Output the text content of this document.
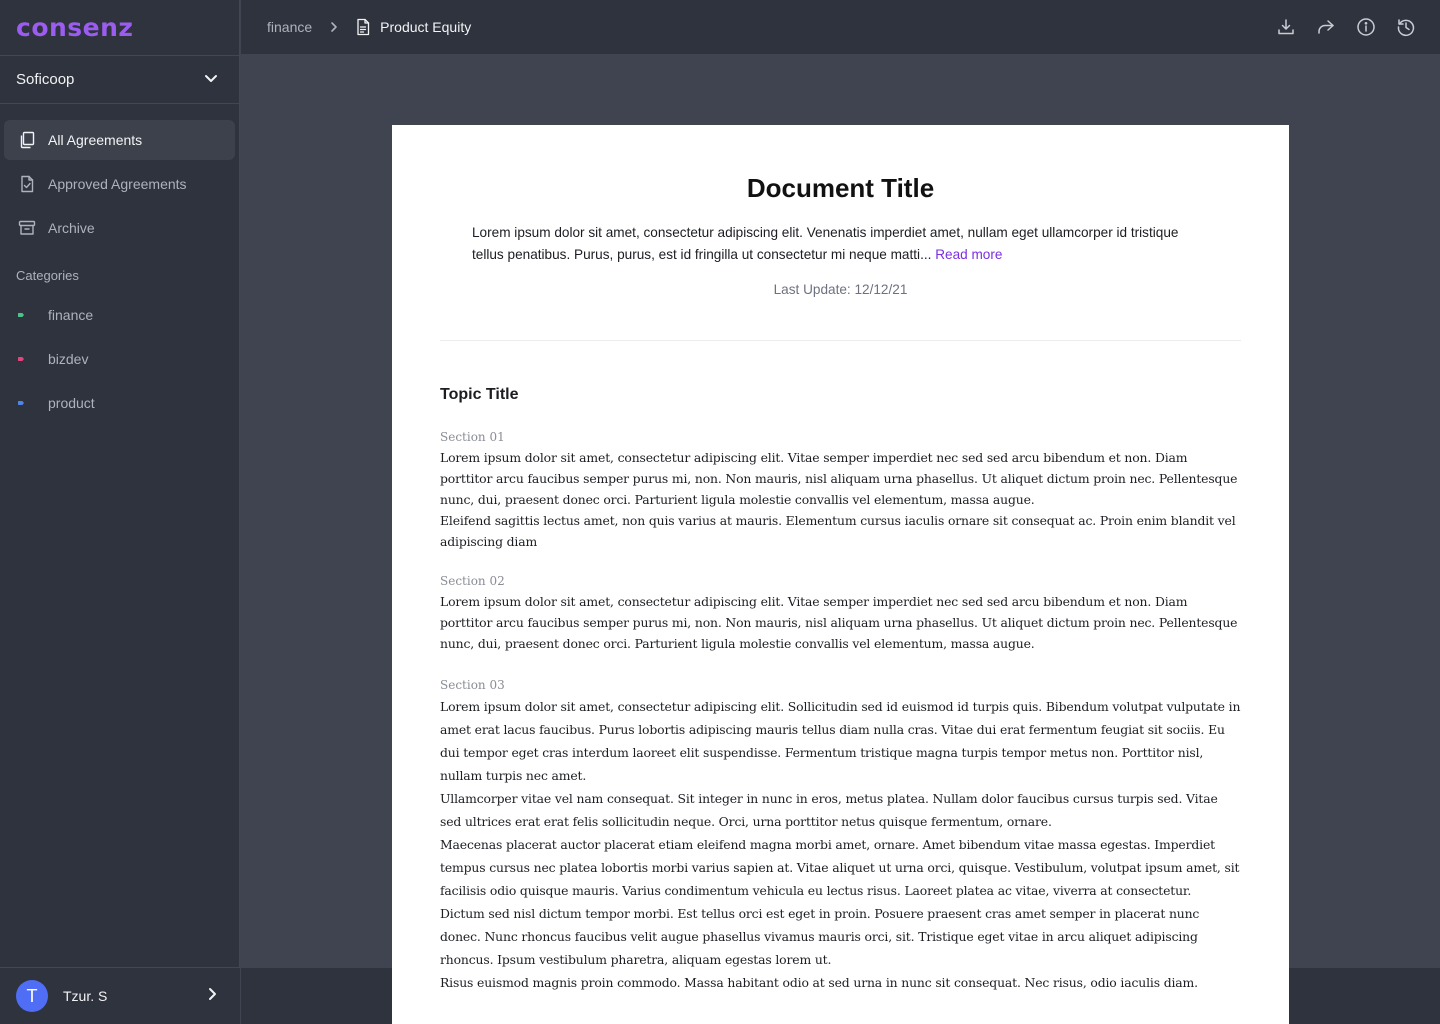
consenz
Soficoop
All Agreements
Approved Agreements
Archive
Categories
finance
bizdev
product
T	Tzur. S
finance	Product Equity
Document Title

Lorem ipsum dolor sit amet, consectetur adipiscing elit. Venenatis imperdiet amet, nullam eget ullamcorper id tristique tellus penatibus. Purus, purus, est id fringilla ut consectetur mi neque matti... Read more

Last Update: 12/12/21
Topic Title
Section 01

Lorem ipsum dolor sit amet, consectetur adipiscing elit. Vitae semper imperdiet nec sed sed arcu bibendum et non. Diam porttitor arcu faucibus semper purus mi, non. Non mauris, nisl aliquam urna phasellus. Ut aliquet dictum proin nec. Pellentesque nunc, dui, praesent donec orci. Parturient ligula molestie convallis vel elementum, massa augue.

Eleifend sagittis lectus amet, non quis varius at mauris. Elementum cursus iaculis ornare sit consequat ac. Proin enim blandit vel adipiscing diam

Section 02

Lorem ipsum dolor sit amet, consectetur adipiscing elit. Vitae semper imperdiet nec sed sed arcu bibendum et non. Diam porttitor arcu faucibus semper purus mi, non. Non mauris, nisl aliquam urna phasellus. Ut aliquet dictum proin nec. Pellentesque nunc, dui, praesent donec orci. Parturient ligula molestie convallis vel elementum, massa augue.

Section 03

Lorem ipsum dolor sit amet, consectetur adipiscing elit. Sollicitudin sed id euismod id turpis quis. Bibendum volutpat vulputate in amet erat lacus faucibus. Purus lobortis adipiscing mauris tellus diam nulla cras. Vitae dui erat fermentum feugiat sit sociis. Eu dui tempor eget cras interdum laoreet elit suspendisse. Fermentum tristique magna turpis tempor metus non. Porttitor nisl, nullam turpis nec amet.

Ullamcorper vitae vel nam consequat. Sit integer in nunc in eros, metus platea. Nullam dolor faucibus cursus turpis sed. Vitae sed ultrices erat erat felis sollicitudin neque. Orci, urna porttitor netus quisque fermentum, ornare.

Maecenas placerat auctor placerat etiam eleifend magna morbi amet, ornare. Amet bibendum vitae massa egestas. Imperdiet tempus cursus nec platea lobortis morbi varius sapien at. Vitae aliquet ut urna orci, quisque. Vestibulum, volutpat ipsum amet, sit facilisis odio quisque mauris. Varius condimentum vehicula eu lectus risus. Laoreet platea ac vitae, viverra at consectetur.

Dictum sed nisl dictum tempor morbi. Est tellus orci est eget in proin. Posuere praesent cras amet semper in placerat nunc donec. Nunc rhoncus faucibus velit augue phasellus vivamus mauris orci, sit. Tristique eget vitae in arcu aliquet adipiscing rhoncus. Ipsum vestibulum pharetra, aliquam egestas lorem ut.

Risus euismod magnis proin commodo. Massa habitant odio at sed urna in nunc sit consequat. Nec risus, odio iaculis diam.
